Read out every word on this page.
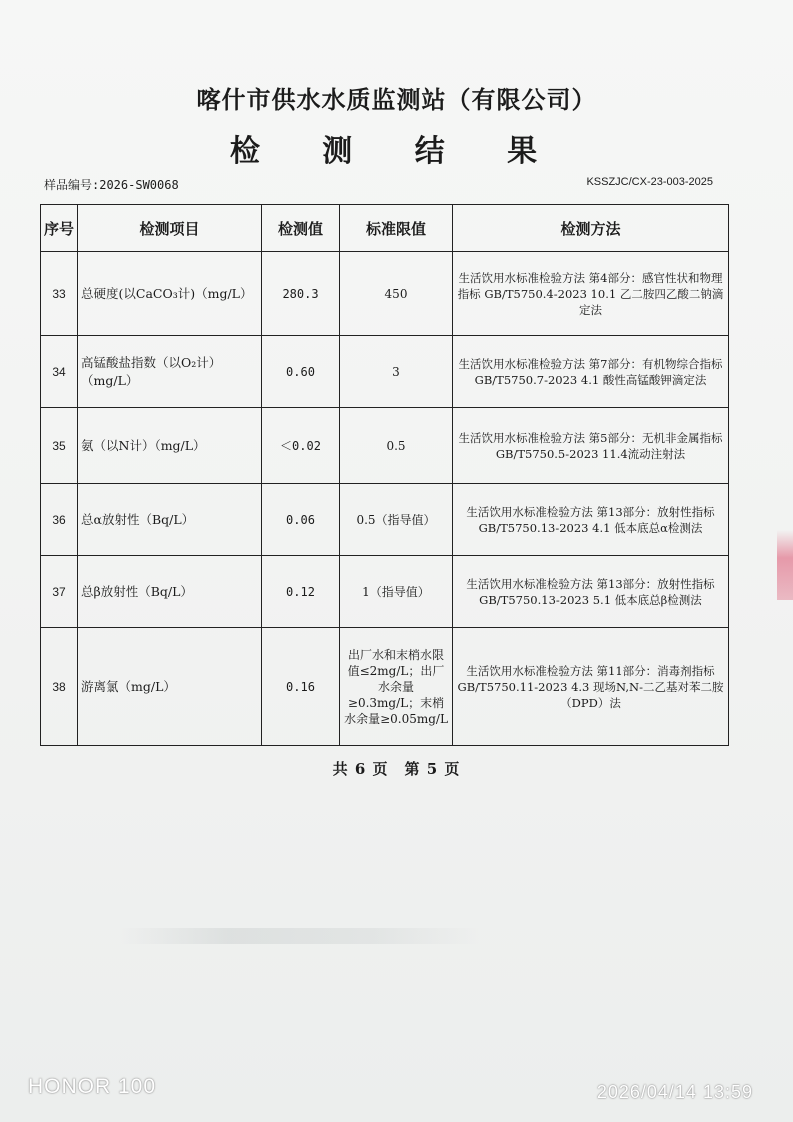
喀什市供水水质监测站（有限公司）
检 测 结 果
样品编号:2026-SW0068	KSSZJC/CX-23-003-2025
序号	检测项目	检测值	标准限值	检测方法
33	总硬度(以CaCO₃计)（mg/L）	280.3	450	生活饮用水标准检验方法 第4部分：感官性状和物理指标 GB/T5750.4-2023 10.1 乙二胺四乙酸二钠滴定法
34	高锰酸盐指数（以O₂计）（mg/L）	0.60	3	生活饮用水标准检验方法 第7部分：有机物综合指标 GB/T5750.7-2023 4.1 酸性高锰酸钾滴定法
35	氨（以N计）（mg/L）	＜0.02	0.5	生活饮用水标准检验方法 第5部分：无机非金属指标 GB/T5750.5-2023 11.4流动注射法
36	总α放射性（Bq/L）	0.06	0.5（指导值）	生活饮用水标准检验方法 第13部分：放射性指标GB/T5750.13-2023 4.1 低本底总α检测法
37	总β放射性（Bq/L）	0.12	1（指导值）	生活饮用水标准检验方法 第13部分：放射性指标GB/T5750.13-2023 5.1 低本底总β检测法
38	游离氯（mg/L）	0.16	出厂水和末梢水限值≤2mg/L；出厂水余量≥0.3mg/L；末梢水余量≥0.05mg/L	生活饮用水标准检验方法 第11部分：消毒剂指标 GB/T5750.11-2023 4.3 现场N,N-二乙基对苯二胺（DPD）法
共 6 页　第 5 页
HONOR 100	2026/04/14 13:59
